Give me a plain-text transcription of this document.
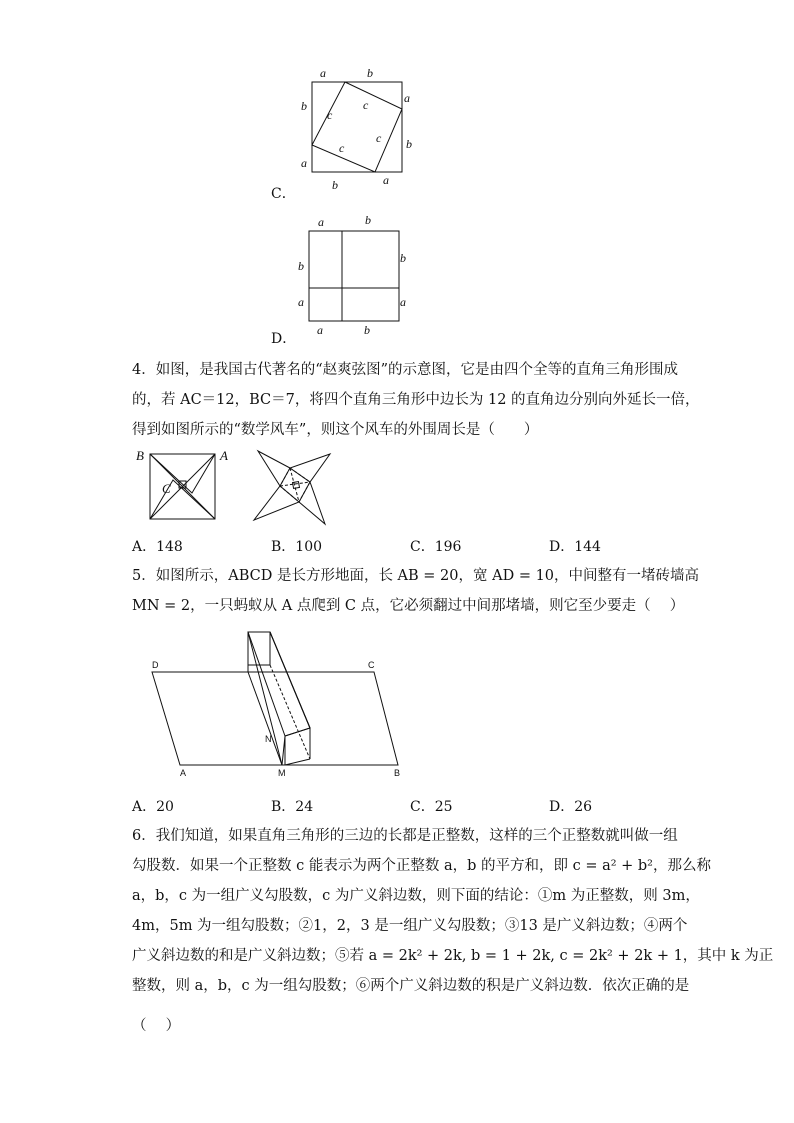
a	b
a
b
b	a
b
a
c
c
c
c
C．
a	b
b
a
b
a
a	b
D．
4．如图，是我国古代著名的“赵爽弦图”的示意图，它是由四个全等的直角三角形围成
的，若 AC＝12，BC＝7，将四个直角三角形中边长为 12 的直角边分别向外延长一倍，
得到如图所示的“数学风车”，则这个风车的外围周长是（　　）
B	A
C
A．148	B．100	C．196	D．144
5．如图所示，ABCD 是长方形地面，长 AB = 20，宽 AD = 10，中间整有一堵砖墙高
MN = 2，一只蚂蚁从 A 点爬到 C 点，它必须翻过中间那堵墙，则它至少要走（　 ）
D	C
A	M	B
N
A．20	B．24	C．25	D．26
6．我们知道，如果直角三角形的三边的长都是正整数，这样的三个正整数就叫做一组
勾股数．如果一个正整数 c 能表示为两个正整数 a，b 的平方和，即 c = a² + b²，那么称
a，b，c 为一组广义勾股数，c 为广义斜边数，则下面的结论：①m 为正整数，则 3m，
4m，5m 为一组勾股数；②1，2，3 是一组广义勾股数；③13 是广义斜边数；④两个
广义斜边数的和是广义斜边数；⑤若 a = 2k² + 2k, b = 1 + 2k, c = 2k² + 2k + 1，其中 k 为正
整数，则 a，b，c 为一组勾股数；⑥两个广义斜边数的积是广义斜边数．依次正确的是
（　 ）
